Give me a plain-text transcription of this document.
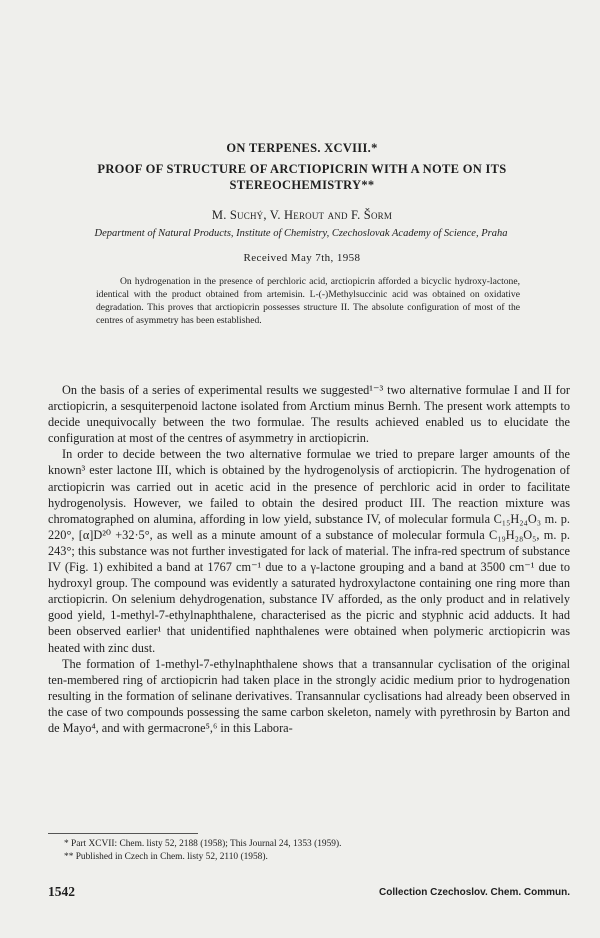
ON TERPENES. XCVIII.*
PROOF OF STRUCTURE OF ARCTIOPICRIN WITH A NOTE ON ITS
STEREOCHEMISTRY**
M. Suchý, V. Herout and F. Šorm
Department of Natural Products, Institute of Chemistry, Czechoslovak Academy of Science, Praha
Received May 7th, 1958

On hydrogenation in the presence of perchloric acid, arctiopicrin afforded a bicyclic hydroxy-lactone, identical with the product obtained from artemisin. L-(-)Methylsuccinic acid was obtained on oxidative degradation. This proves that arctiopicrin possesses structure II. The absolute configuration of most of the centres of asymmetry has been established.

On the basis of a series of experimental results we suggested¹⁻³ two alternative formulae I and II for arctiopicrin, a sesquiterpenoid lactone isolated from Arctium minus Bernh. The present work attempts to decide unequivocally between the two formulae. The results achieved enabled us to elucidate the configuration at most of the centres of asymmetry in arctiopicrin.

In order to decide between the two alternative formulae we tried to prepare larger amounts of the known³ ester lactone III, which is obtained by the hydrogenolysis of arctiopicrin. The hydrogenation of arctiopicrin was carried out in acetic acid in the presence of perchloric acid in order to facilitate hydrogenolysis. However, we failed to obtain the desired product III. The reaction mixture was chromatographed on alumina, affording in low yield, substance IV, of molecular formula C₁₅H₂₄O₃ m. p. 220°, [α]D²⁰ +32·5°, as well as a minute amount of a substance of molecular formula C₁₉H₂₈O₅, m. p. 243°; this substance was not further investigated for lack of material. The infra-red spectrum of substance IV (Fig. 1) exhibited a band at 1767 cm⁻¹ due to a γ-lactone grouping and a band at 3500 cm⁻¹ due to hydroxyl group. The compound was evidently a saturated hydroxylactone containing one ring more than arctiopicrin. On selenium dehydrogenation, substance IV afforded, as the only product and in relatively good yield, 1-methyl-7-ethylnaphthalene, characterised as the picric and styphnic acid adducts. It had been observed earlier¹ that unidentified naphthalenes were obtained when polymeric arctiopicrin was heated with zinc dust.

The formation of 1-methyl-7-ethylnaphthalene shows that a transannular cyclisation of the original ten-membered ring of arctiopicrin had taken place in the strongly acidic medium prior to hydrogenation resulting in the formation of selinane derivatives. Transannular cyclisations had already been observed in the case of two compounds possessing the same carbon skeleton, namely with pyrethrosin by Barton and de Mayo⁴, and with germacrone⁵,⁶ in this Labora-

* Part XCVII: Chem. listy 52, 2188 (1958); This Journal 24, 1353 (1959).
** Published in Czech in Chem. listy 52, 2110 (1958).
1542	Collection Czechoslov. Chem. Commun.
